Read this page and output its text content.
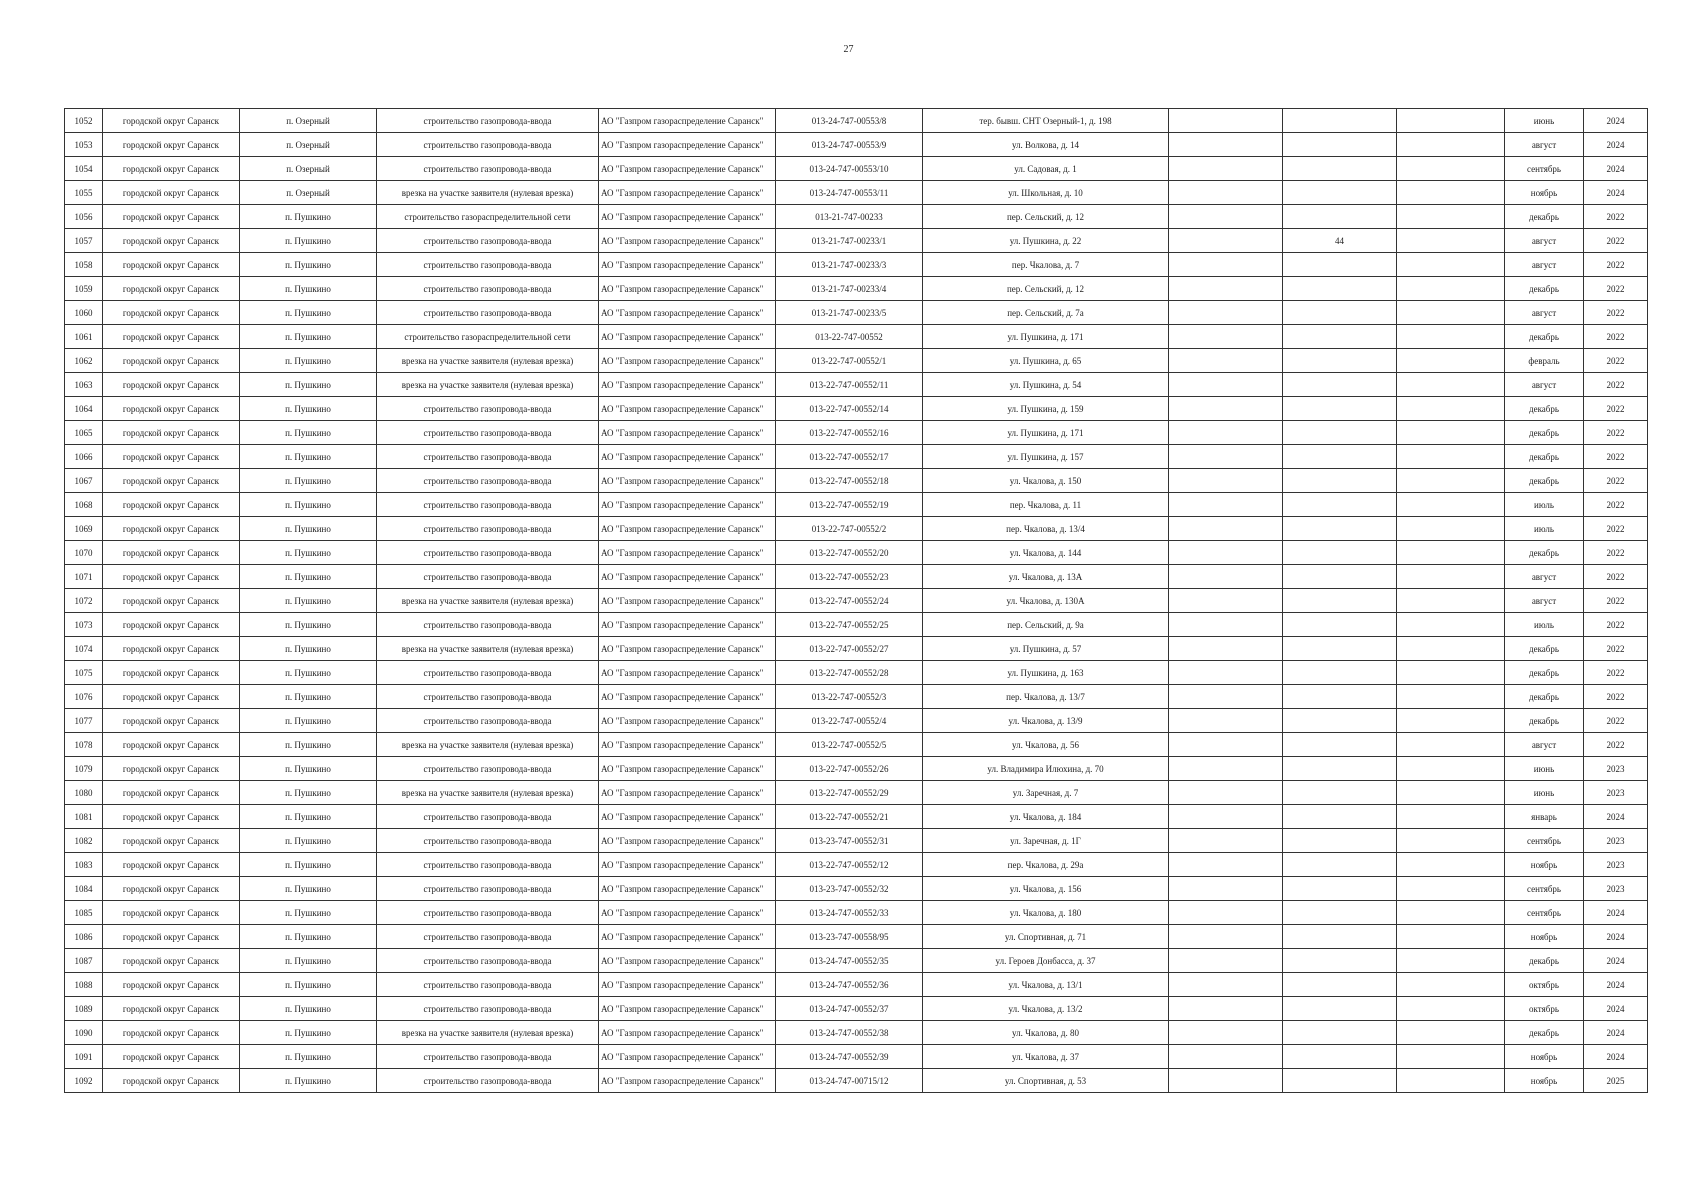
27
1052	городской округ Саранск	п. Озерный	строительство газопровода-ввода	АО "Газпром газораспределение Саранск"	013-24-747-00553/8	тер. бывш. СНТ Озерный-1, д. 198				июнь	2024
1053	городской округ Саранск	п. Озерный	строительство газопровода-ввода	АО "Газпром газораспределение Саранск"	013-24-747-00553/9	ул. Волкова, д. 14				август	2024
1054	городской округ Саранск	п. Озерный	строительство газопровода-ввода	АО "Газпром газораспределение Саранск"	013-24-747-00553/10	ул. Садовая, д. 1				сентябрь	2024
1055	городской округ Саранск	п. Озерный	врезка на участке заявителя (нулевая врезка)	АО "Газпром газораспределение Саранск"	013-24-747-00553/11	ул. Школьная, д. 10				ноябрь	2024
1056	городской округ Саранск	п. Пушкино	строительство газораспределительной сети	АО "Газпром газораспределение Саранск"	013-21-747-00233	пер. Сельский, д. 12				декабрь	2022
1057	городской округ Саранск	п. Пушкино	строительство газопровода-ввода	АО "Газпром газораспределение Саранск"	013-21-747-00233/1	ул. Пушкина, д. 22		44		август	2022
1058	городской округ Саранск	п. Пушкино	строительство газопровода-ввода	АО "Газпром газораспределение Саранск"	013-21-747-00233/3	пер. Чкалова, д. 7				август	2022
1059	городской округ Саранск	п. Пушкино	строительство газопровода-ввода	АО "Газпром газораспределение Саранск"	013-21-747-00233/4	пер. Сельский, д. 12				декабрь	2022
1060	городской округ Саранск	п. Пушкино	строительство газопровода-ввода	АО "Газпром газораспределение Саранск"	013-21-747-00233/5	пер. Сельский, д. 7а				август	2022
1061	городской округ Саранск	п. Пушкино	строительство газораспределительной сети	АО "Газпром газораспределение Саранск"	013-22-747-00552	ул. Пушкина, д. 171				декабрь	2022
1062	городской округ Саранск	п. Пушкино	врезка на участке заявителя (нулевая врезка)	АО "Газпром газораспределение Саранск"	013-22-747-00552/1	ул. Пушкина, д. 65				февраль	2022
1063	городской округ Саранск	п. Пушкино	врезка на участке заявителя (нулевая врезка)	АО "Газпром газораспределение Саранск"	013-22-747-00552/11	ул. Пушкина, д. 54				август	2022
1064	городской округ Саранск	п. Пушкино	строительство газопровода-ввода	АО "Газпром газораспределение Саранск"	013-22-747-00552/14	ул. Пушкина, д. 159				декабрь	2022
1065	городской округ Саранск	п. Пушкино	строительство газопровода-ввода	АО "Газпром газораспределение Саранск"	013-22-747-00552/16	ул. Пушкина, д. 171				декабрь	2022
1066	городской округ Саранск	п. Пушкино	строительство газопровода-ввода	АО "Газпром газораспределение Саранск"	013-22-747-00552/17	ул. Пушкина, д. 157				декабрь	2022
1067	городской округ Саранск	п. Пушкино	строительство газопровода-ввода	АО "Газпром газораспределение Саранск"	013-22-747-00552/18	ул. Чкалова, д. 150				декабрь	2022
1068	городской округ Саранск	п. Пушкино	строительство газопровода-ввода	АО "Газпром газораспределение Саранск"	013-22-747-00552/19	пер. Чкалова, д. 11				июль	2022
1069	городской округ Саранск	п. Пушкино	строительство газопровода-ввода	АО "Газпром газораспределение Саранск"	013-22-747-00552/2	пер. Чкалова, д. 13/4				июль	2022
1070	городской округ Саранск	п. Пушкино	строительство газопровода-ввода	АО "Газпром газораспределение Саранск"	013-22-747-00552/20	ул. Чкалова, д. 144				декабрь	2022
1071	городской округ Саранск	п. Пушкино	строительство газопровода-ввода	АО "Газпром газораспределение Саранск"	013-22-747-00552/23	ул. Чкалова, д. 13А				август	2022
1072	городской округ Саранск	п. Пушкино	врезка на участке заявителя (нулевая врезка)	АО "Газпром газораспределение Саранск"	013-22-747-00552/24	ул. Чкалова, д. 130А				август	2022
1073	городской округ Саранск	п. Пушкино	строительство газопровода-ввода	АО "Газпром газораспределение Саранск"	013-22-747-00552/25	пер. Сельский, д. 9а				июль	2022
1074	городской округ Саранск	п. Пушкино	врезка на участке заявителя (нулевая врезка)	АО "Газпром газораспределение Саранск"	013-22-747-00552/27	ул. Пушкина, д. 57				декабрь	2022
1075	городской округ Саранск	п. Пушкино	строительство газопровода-ввода	АО "Газпром газораспределение Саранск"	013-22-747-00552/28	ул. Пушкина, д. 163				декабрь	2022
1076	городской округ Саранск	п. Пушкино	строительство газопровода-ввода	АО "Газпром газораспределение Саранск"	013-22-747-00552/3	пер. Чкалова, д. 13/7				декабрь	2022
1077	городской округ Саранск	п. Пушкино	строительство газопровода-ввода	АО "Газпром газораспределение Саранск"	013-22-747-00552/4	ул. Чкалова, д. 13/9				декабрь	2022
1078	городской округ Саранск	п. Пушкино	врезка на участке заявителя (нулевая врезка)	АО "Газпром газораспределение Саранск"	013-22-747-00552/5	ул. Чкалова, д. 56				август	2022
1079	городской округ Саранск	п. Пушкино	строительство газопровода-ввода	АО "Газпром газораспределение Саранск"	013-22-747-00552/26	ул. Владимира Илюхина, д. 70				июнь	2023
1080	городской округ Саранск	п. Пушкино	врезка на участке заявителя (нулевая врезка)	АО "Газпром газораспределение Саранск"	013-22-747-00552/29	ул. Заречная, д. 7				июнь	2023
1081	городской округ Саранск	п. Пушкино	строительство газопровода-ввода	АО "Газпром газораспределение Саранск"	013-22-747-00552/21	ул. Чкалова, д. 184				январь	2024
1082	городской округ Саранск	п. Пушкино	строительство газопровода-ввода	АО "Газпром газораспределение Саранск"	013-23-747-00552/31	ул. Заречная, д. 1Г				сентябрь	2023
1083	городской округ Саранск	п. Пушкино	строительство газопровода-ввода	АО "Газпром газораспределение Саранск"	013-22-747-00552/12	пер. Чкалова, д. 29а				ноябрь	2023
1084	городской округ Саранск	п. Пушкино	строительство газопровода-ввода	АО "Газпром газораспределение Саранск"	013-23-747-00552/32	ул. Чкалова, д. 156				сентябрь	2023
1085	городской округ Саранск	п. Пушкино	строительство газопровода-ввода	АО "Газпром газораспределение Саранск"	013-24-747-00552/33	ул. Чкалова, д. 180				сентябрь	2024
1086	городской округ Саранск	п. Пушкино	строительство газопровода-ввода	АО "Газпром газораспределение Саранск"	013-23-747-00558/95	ул. Спортивная, д. 71				ноябрь	2024
1087	городской округ Саранск	п. Пушкино	строительство газопровода-ввода	АО "Газпром газораспределение Саранск"	013-24-747-00552/35	ул. Героев Донбасса, д. 37				декабрь	2024
1088	городской округ Саранск	п. Пушкино	строительство газопровода-ввода	АО "Газпром газораспределение Саранск"	013-24-747-00552/36	ул. Чкалова, д. 13/1				октябрь	2024
1089	городской округ Саранск	п. Пушкино	строительство газопровода-ввода	АО "Газпром газораспределение Саранск"	013-24-747-00552/37	ул. Чкалова, д. 13/2				октябрь	2024
1090	городской округ Саранск	п. Пушкино	врезка на участке заявителя (нулевая врезка)	АО "Газпром газораспределение Саранск"	013-24-747-00552/38	ул. Чкалова, д. 80				декабрь	2024
1091	городской округ Саранск	п. Пушкино	строительство газопровода-ввода	АО "Газпром газораспределение Саранск"	013-24-747-00552/39	ул. Чкалова, д. 37				ноябрь	2024
1092	городской округ Саранск	п. Пушкино	строительство газопровода-ввода	АО "Газпром газораспределение Саранск"	013-24-747-00715/12	ул. Спортивная, д. 53				ноябрь	2025
